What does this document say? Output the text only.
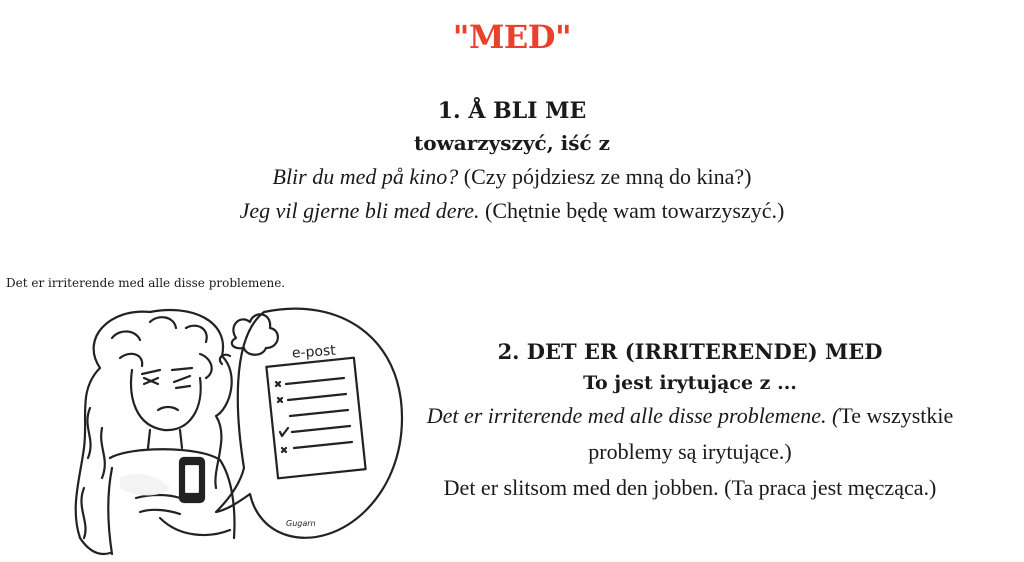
"MED"
1. Å BLI ME
towarzyszyć, iść z
Blir du med på kino? (Czy pójdziesz ze mną do kina?)
Jeg vil gjerne bli med dere. (Chętnie będę wam towarzyszyć.)
Det er irriterende med alle disse problemene.
e-post
Gugarn
2. DET ER (IRRITERENDE) MED
To jest irytujące z ...
Det er irriterende med alle disse problemene. (Te wszystkie problemy są irytujące.)
Det er slitsom med den jobben. (Ta praca jest męcząca.)
